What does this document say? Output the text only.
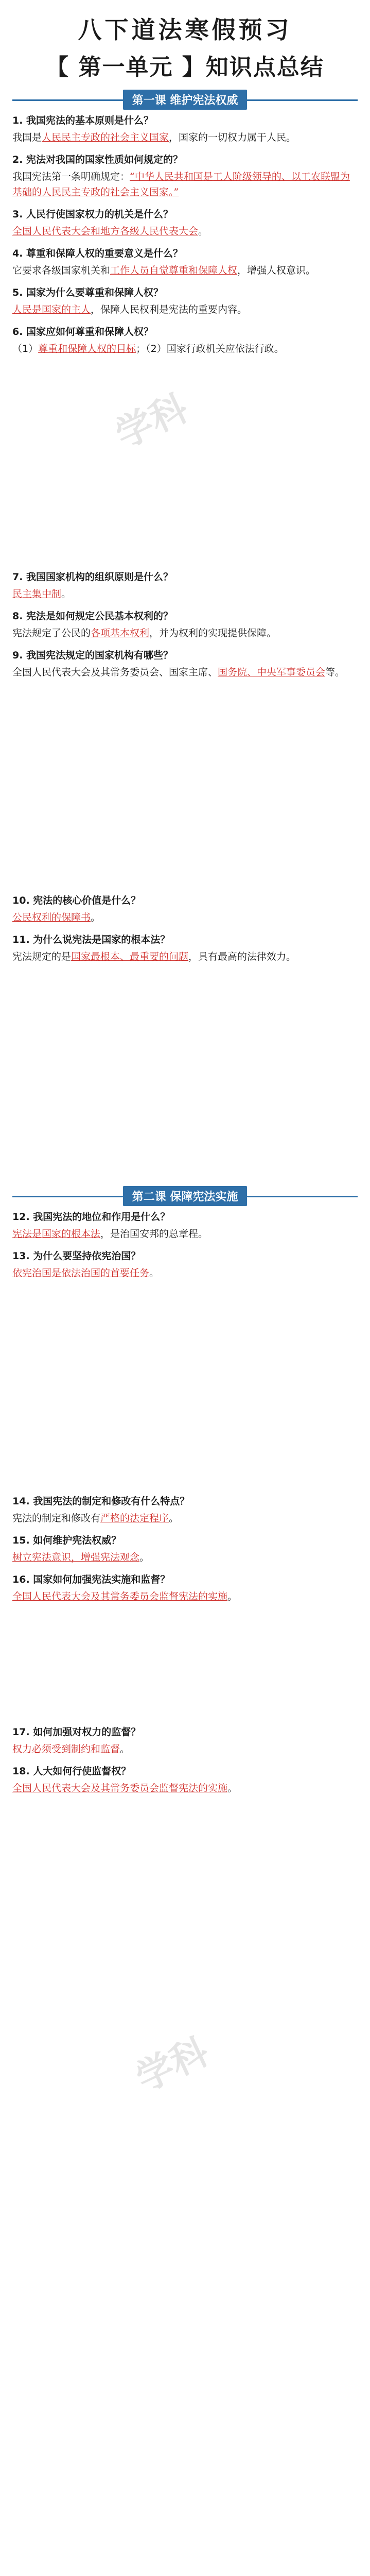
学科
学科
八下道法寒假预习
【 第一单元 】知识点总结
第一课 维护宪法权威

1. 我国宪法的基本原则是什么？

我国是人民民主专政的社会主义国家，国家的一切权力属于人民。

2. 宪法对我国的国家性质如何规定的？

我国宪法第一条明确规定：“中华人民共和国是工人阶级领导的、以工农联盟为基础的人民民主专政的社会主义国家。”

3. 人民行使国家权力的机关是什么？

全国人民代表大会和地方各级人民代表大会。

4. 尊重和保障人权的重要意义是什么？

它要求各级国家机关和工作人员自觉尊重和保障人权，增强人权意识。

5. 国家为什么要尊重和保障人权？

人民是国家的主人，保障人民权利是宪法的重要内容。

6. 国家应如何尊重和保障人权？

（1）尊重和保障人权的目标；（2）国家行政机关应依法行政。

7. 我国国家机构的组织原则是什么？

民主集中制。

8. 宪法是如何规定公民基本权利的？

宪法规定了公民的各项基本权利，并为权利的实现提供保障。

9. 我国宪法规定的国家机构有哪些？

全国人民代表大会及其常务委员会、国家主席、国务院、中央军事委员会等。

10. 宪法的核心价值是什么？

公民权利的保障书。

11. 为什么说宪法是国家的根本法？

宪法规定的是国家最根本、最重要的问题，具有最高的法律效力。

第二课 保障宪法实施

12. 我国宪法的地位和作用是什么？

宪法是国家的根本法，是治国安邦的总章程。

13. 为什么要坚持依宪治国？

依宪治国是依法治国的首要任务。

14. 我国宪法的制定和修改有什么特点？

宪法的制定和修改有严格的法定程序。

15. 如何维护宪法权威？

树立宪法意识，增强宪法观念。

16. 国家如何加强宪法实施和监督？

全国人民代表大会及其常务委员会监督宪法的实施。

17. 如何加强对权力的监督？

权力必须受到制约和监督。

18. 人大如何行使监督权？

全国人民代表大会及其常务委员会监督宪法的实施。
